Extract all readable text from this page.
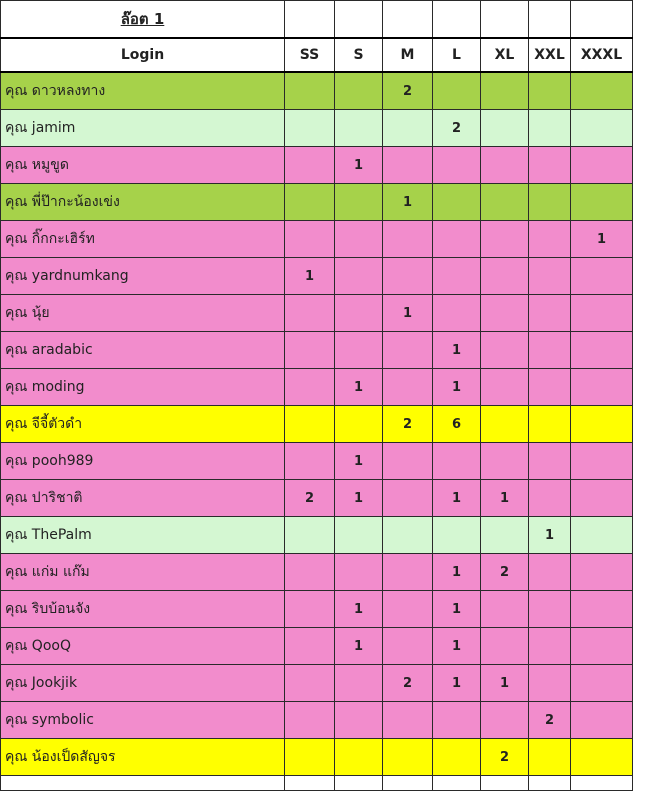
ล๊อต 1							
Login	SS	S	M	L	XL	XXL	XXXL
คุณ ดาวหลงทาง			2				
คุณ jamim				2			
คุณ หมูขูด		1					
คุณ พี่ป๊ากะน้องเข่ง			1				
คุณ กิ๊กกะเฮิร์ท							1
คุณ yardnumkang	1						
คุณ นุ้ย			1				
คุณ aradabic				1			
คุณ moding		1		1			
คุณ จีจี้ตัวดำ			2	6			
คุณ pooh989		1					
คุณ ปาริชาติ	2	1		1	1		
คุณ ThePalm						1	
คุณ แก่ม แก๊ม				1	2		
คุณ ริบบ้อนจัง		1		1			
คุณ QooQ		1		1			
คุณ Jookjik			2	1	1		
คุณ symbolic						2	
คุณ น้องเป็ดสัญจร					2		
